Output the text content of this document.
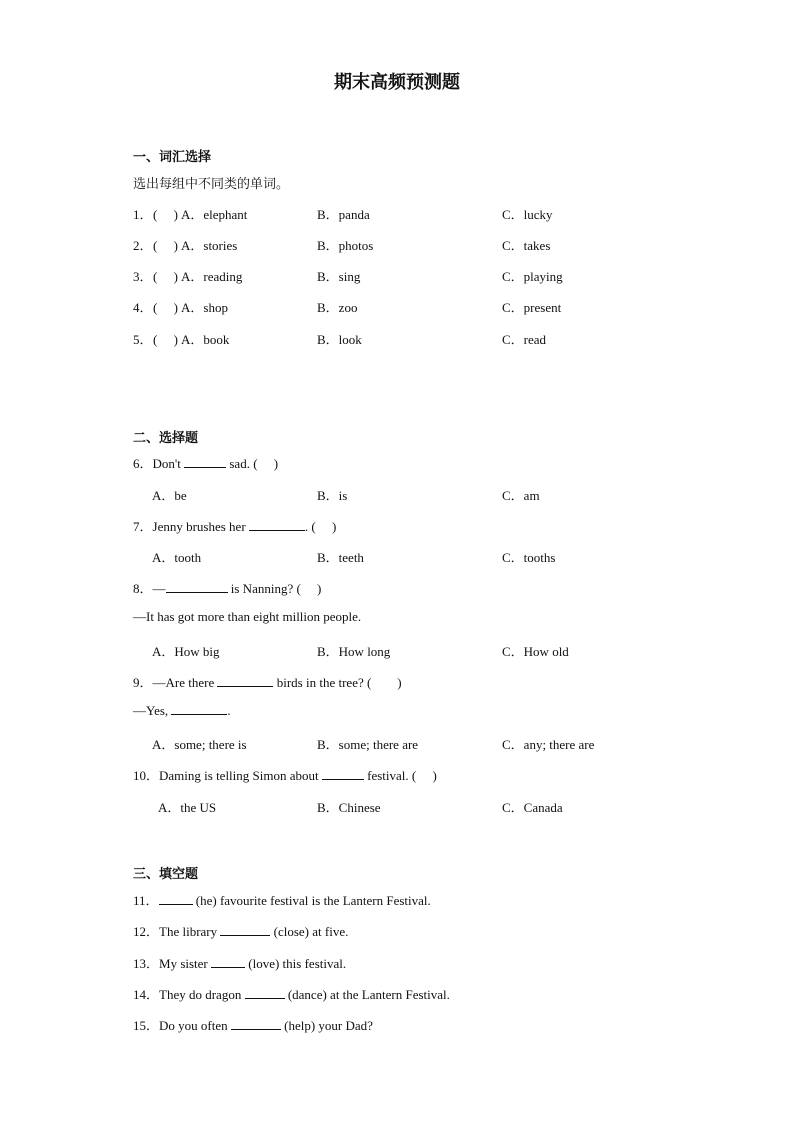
期末高频预测题
一、词汇选择
选出每组中不同类的单词。
1． (　 ) A．elephant	B．panda	C．lucky
2． (　 ) A．stories	B．photos	C．takes
3． (　 ) A．reading	B．sing	C．playing
4． (　 ) A．shop	B．zoo	C．present
5． (　 ) A．book	B．look	C．read
二、选择题
6．Don't	sad. (　 )
A．be	B．is	C．am
7．Jenny brushes her	. (　 )
A．tooth	B．teeth	C．tooths
8．—	is Nanning? (　 )
—It has got more than eight million people.
A．How big	B．How long	C．How old
9．—Are there	birds in the tree? (　　)
—Yes,	.
A．some; there is	B．some; there are	C．any; there are
10．Daming is telling Simon about	festival. (　 )
A．the US	B．Chinese	C．Canada
三、填空题
11．	(he) favourite festival is the Lantern Festival.
12．The library	(close) at five.
13．My sister	(love) this festival.
14．They do dragon	(dance) at the Lantern Festival.
15．Do you often	(help) your Dad?
